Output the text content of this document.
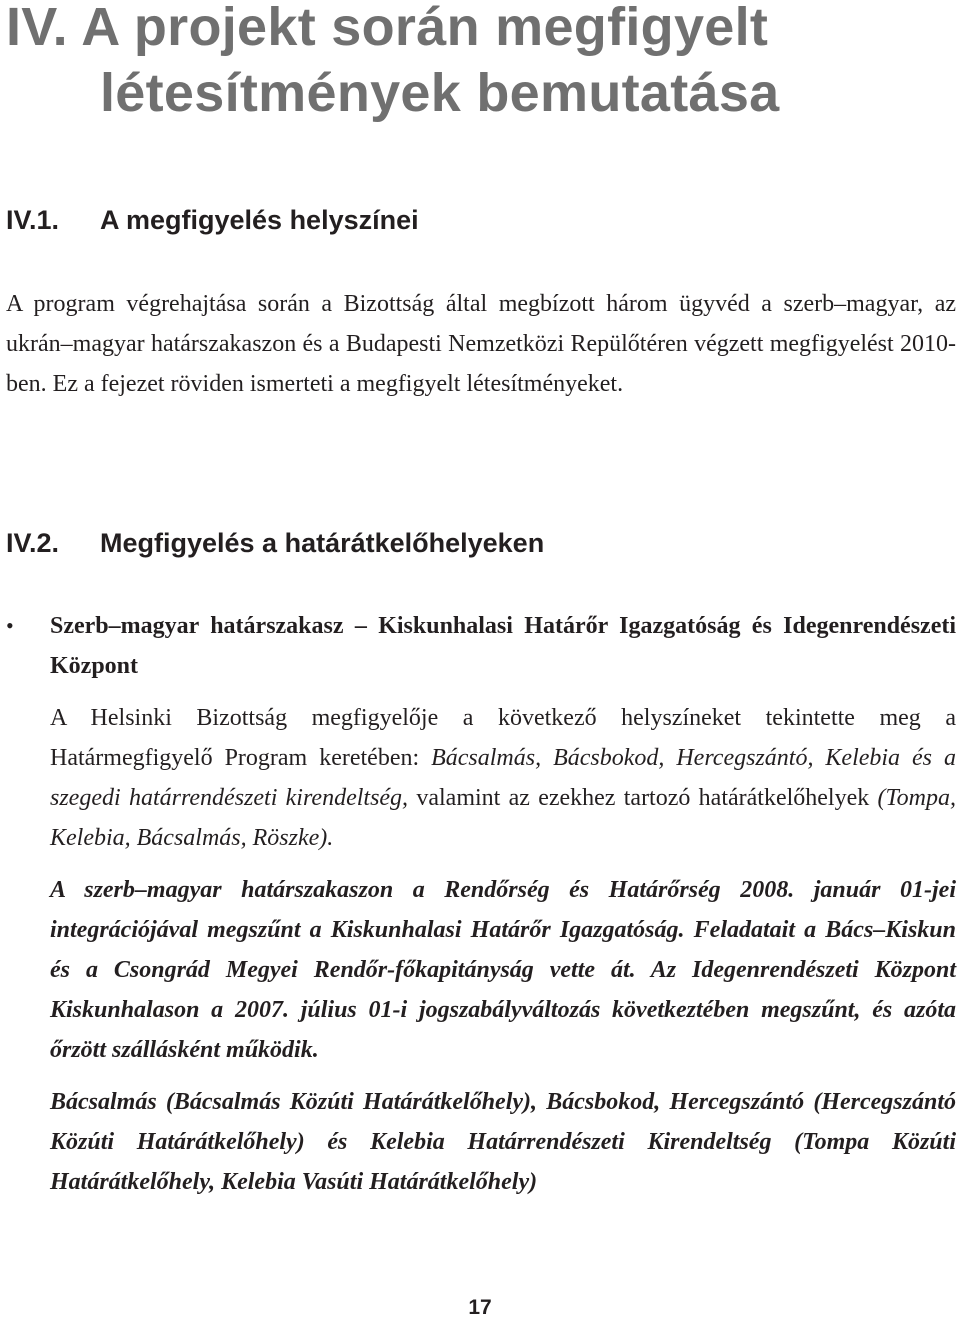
IV. A projekt során megfigyelt
létesítmények bemutatása
IV.1. A megfigyelés helyszínei

A program végrehajtása során a Bizottság által megbízott három ügyvéd a szerb–magyar, az ukrán–magyar határszakaszon és a Budapesti Nemzetközi Repülőtéren végzett megfigyelést 2010-ben. Ez a fejezet röviden ismerteti a megfigyelt létesítményeket.

IV.2. Megfigyelés a határátkelőhelyeken
• Szerb–magyar határszakasz – Kiskunhalasi Határőr Igazgatóság és Idegenrendészeti Központ

A Helsinki Bizottság megfigyelője a következő helyszíneket tekintette meg a Határmegfigyelő Program keretében: Bácsalmás, Bácsbokod, Hercegszántó, Kelebia és a szegedi határrendészeti kirendeltség, valamint az ezekhez tartozó határátkelőhelyek (Tompa, Kelebia, Bácsalmás, Röszke).

A szerb–magyar határszakaszon a Rendőrség és Határőrség 2008. január 01-jei integrációjával megszűnt a Kiskunhalasi Határőr Igazgatóság. Feladatait a Bács–Kiskun és a Csongrád Megyei Rendőr-főkapitányság vette át. Az Idegenrendészeti Központ Kiskunhalason a 2007. július 01-i jogszabályváltozás következtében megszűnt, és azóta őrzött szállásként működik.

Bácsalmás (Bácsalmás Közúti Határátkelőhely), Bácsbokod, Hercegszántó (Hercegszántó Közúti Határátkelőhely) és Kelebia Határrendészeti Kirendeltség (Tompa Közúti Határátkelőhely, Kelebia Vasúti Határátkelőhely)

17
